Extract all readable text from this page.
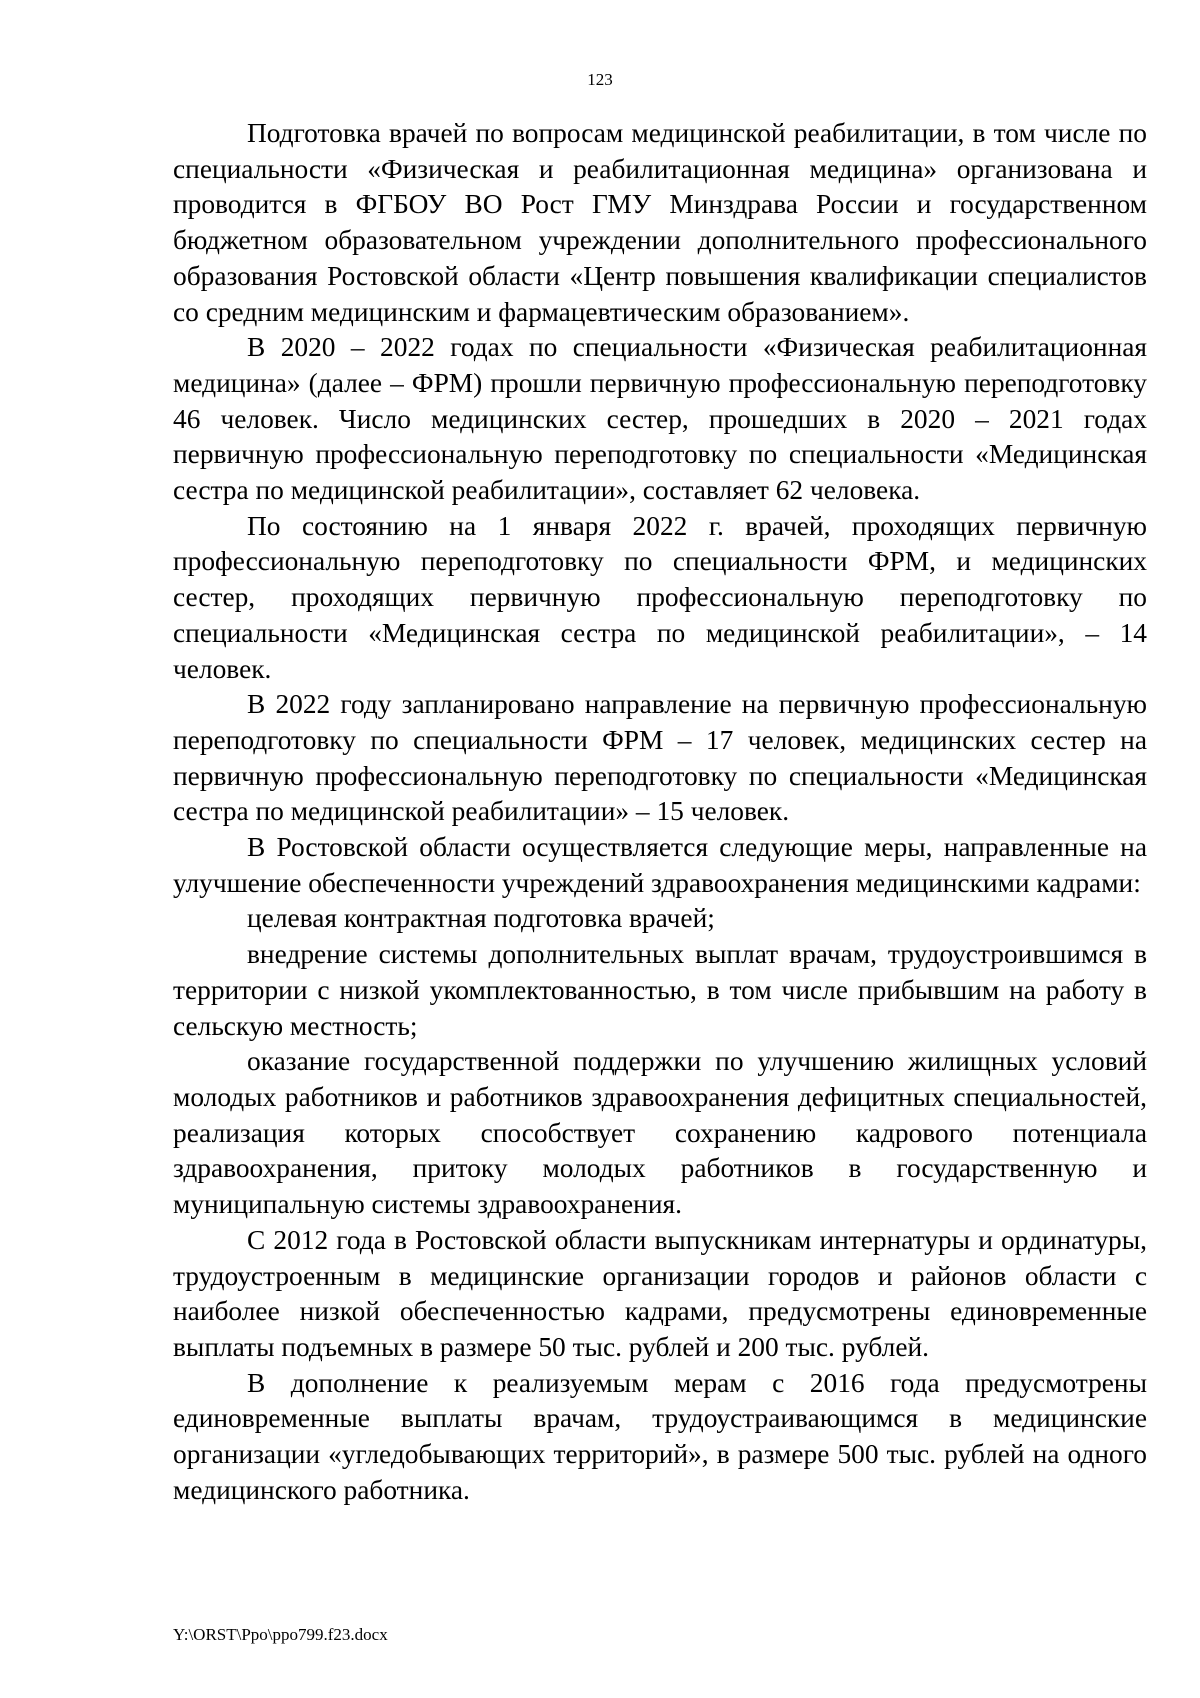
123

Подготовка врачей по вопросам медицинской реабилитации, в том числе по специальности «Физическая и реабилитационная медицина» организована и проводится в ФГБОУ ВО Рост ГМУ Минздрава России и государственном бюджетном образовательном учреждении дополнительного профессионального образования Ростовской области «Центр повышения квалификации специалистов со средним медицинским и фармацевтическим образованием».

В 2020 – 2022 годах по специальности «Физическая реабилитационная медицина» (далее – ФРМ) прошли первичную профессиональную переподготовку 46 человек. Число медицинских сестер, прошедших в 2020 – 2021 годах первичную профессиональную переподготовку по специальности «Медицинская сестра по медицинской реабилитации», составляет 62 человека.

По состоянию на 1 января 2022 г. врачей, проходящих первичную профессиональную переподготовку по специальности ФРМ, и медицинских сестер, проходящих первичную профессиональную переподготовку по специальности «Медицинская сестра по медицинской реабилитации», – 14 человек.

В 2022 году запланировано направление на первичную профессиональную переподготовку по специальности ФРМ – 17 человек, медицинских сестер на первичную профессиональную переподготовку по специальности «Медицинская сестра по медицинской реабилитации» – 15 человек.

В Ростовской области осуществляется следующие меры, направленные на улучшение обеспеченности учреждений здравоохранения медицинскими кадрами:

целевая контрактная подготовка врачей;

внедрение системы дополнительных выплат врачам, трудоустроившимся в территории с низкой укомплектованностью, в том числе прибывшим на работу в сельскую местность;

оказание государственной поддержки по улучшению жилищных условий молодых работников и работников здравоохранения дефицитных специальностей, реализация которых способствует сохранению кадрового потенциала здравоохранения, притоку молодых работников в государственную и муниципальную системы здравоохранения.

С 2012 года в Ростовской области выпускникам интернатуры и ординатуры, трудоустроенным в медицинские организации городов и районов области с наиболее низкой обеспеченностью кадрами, предусмотрены единовременные выплаты подъемных в размере 50 тыс. рублей и 200 тыс. рублей.

В дополнение к реализуемым мерам с 2016 года предусмотрены единовременные выплаты врачам, трудоустраивающимся в медицинские организации «угледобывающих территорий», в размере 500 тыс. рублей на одного медицинского работника.

Y:\ORST\Ppo\ppo799.f23.docx
